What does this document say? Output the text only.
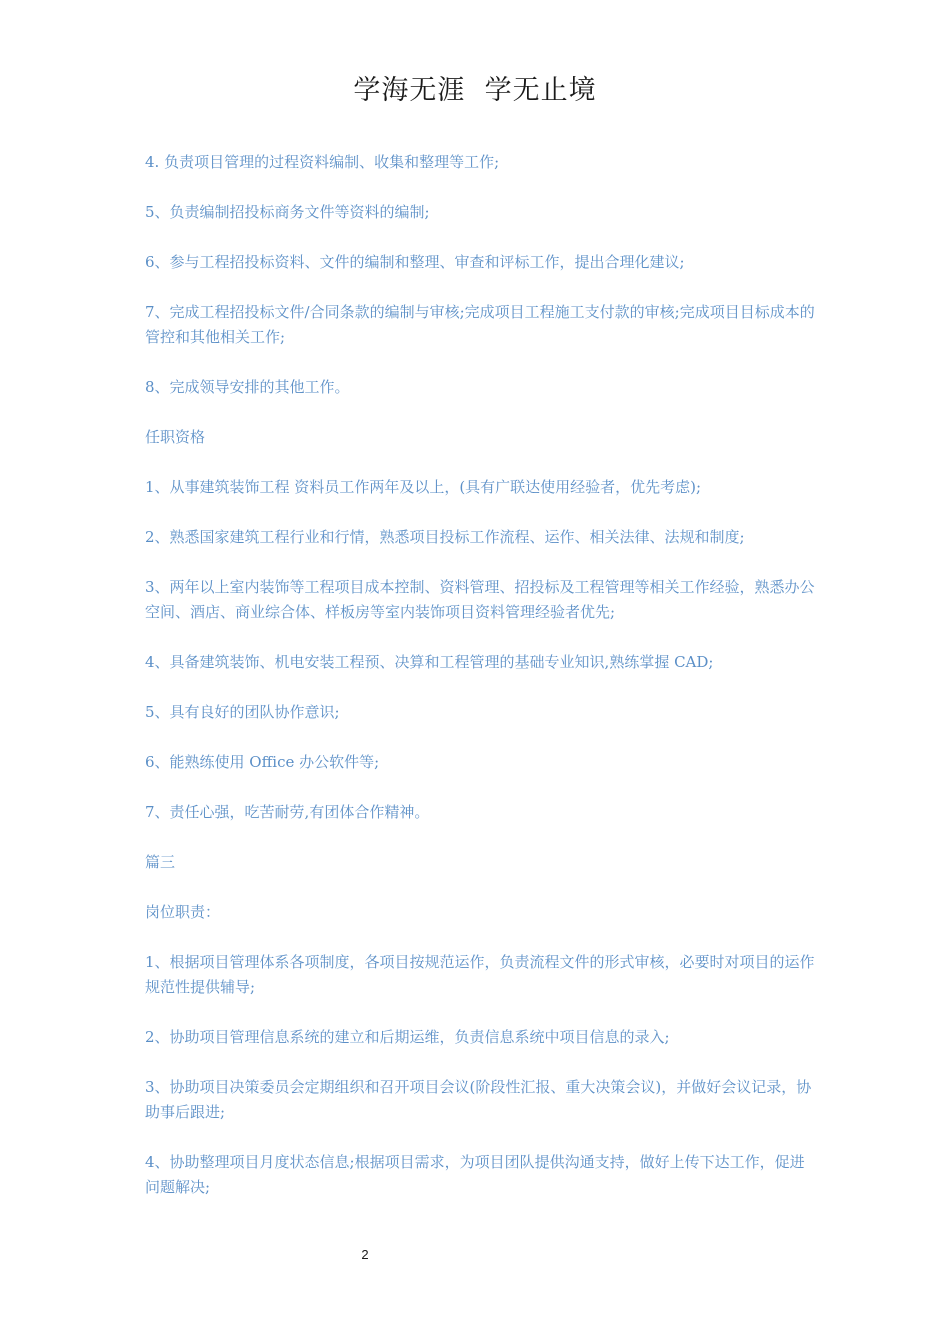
学海无涯  学无止境

4. 负责项目管理的过程资料编制、收集和整理等工作;

5、负责编制招投标商务文件等资料的编制;

6、参与工程招投标资料、文件的编制和整理、审查和评标工作，提出合理化建议;

7、完成工程招投标文件/合同条款的编制与审核;完成项目工程施工支付款的审核;完成项目目标成本的管控和其他相关工作;

8、完成领导安排的其他工作。

任职资格

1、从事建筑装饰工程 资料员工作两年及以上，(具有广联达使用经验者，优先考虑);

2、熟悉国家建筑工程行业和行情，熟悉项目投标工作流程、运作、相关法律、法规和制度;

3、两年以上室内装饰等工程项目成本控制、资料管理、招投标及工程管理等相关工作经验，熟悉办公空间、酒店、商业综合体、样板房等室内装饰项目资料管理经验者优先;

4、具备建筑装饰、机电安装工程预、决算和工程管理的基础专业知识,熟练掌握 CAD;

5、具有良好的团队协作意识;

6、能熟练使用 Office 办公软件等;

7、责任心强，吃苦耐劳,有团体合作精神。

篇三

岗位职责：

1、根据项目管理体系各项制度，各项目按规范运作，负责流程文件的形式审核，必要时对项目的运作规范性提供辅导;

2、协助项目管理信息系统的建立和后期运维，负责信息系统中项目信息的录入;

3、协助项目决策委员会定期组织和召开项目会议(阶段性汇报、重大决策会议)，并做好会议记录，协助事后跟进;

4、协助整理项目月度状态信息;根据项目需求，为项目团队提供沟通支持，做好上传下达工作，促进问题解决;

2
